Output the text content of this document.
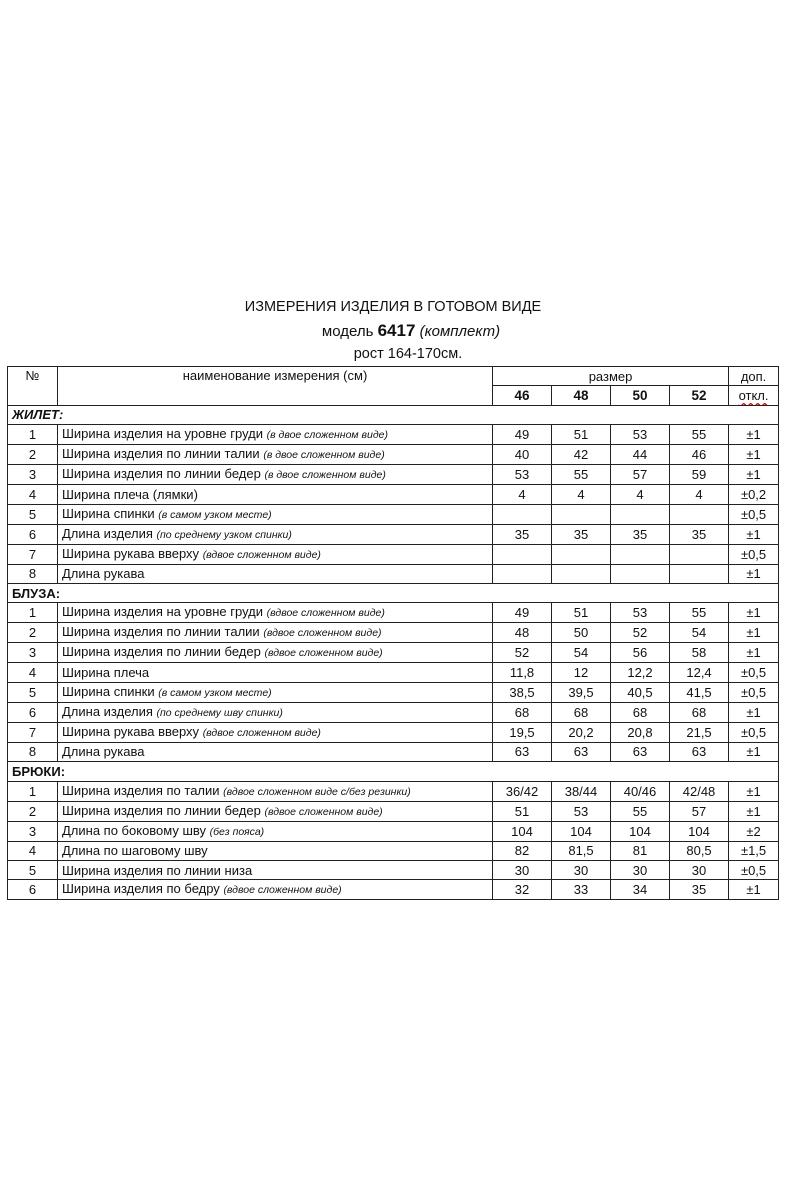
ИЗМЕРЕНИЯ ИЗДЕЛИЯ В ГОТОВОМ ВИДЕ
модель 6417 (комплект)
рост 164-170см.
№	наименование измерения (см)	размер				доп.
		46	48	50	52	откл.
ЖИЛЕТ:						
1	Ширина изделия на уровне груди (в двое сложенном виде)	49	51	53	55	±1
2	Ширина изделия по линии талии (в двое сложенном виде)	40	42	44	46	±1
3	Ширина изделия по линии бедер (в двое сложенном виде)	53	55	57	59	±1
4	Ширина плеча (лямки)	4	4	4	4	±0,2
5	Ширина спинки (в самом узком месте)					±0,5
6	Длина изделия (по среднему узком спинки)	35	35	35	35	±1
7	Ширина рукава вверху (вдвое сложенном виде)					±0,5
8	Длина рукава					±1
БЛУЗА:						
1	Ширина изделия на уровне груди (вдвое сложенном виде)	49	51	53	55	±1
2	Ширина изделия по линии талии (вдвое сложенном виде)	48	50	52	54	±1
3	Ширина изделия по линии бедер (вдвое сложенном виде)	52	54	56	58	±1
4	Ширина плеча	11,8	12	12,2	12,4	±0,5
5	Ширина спинки (в самом узком месте)	38,5	39,5	40,5	41,5	±0,5
6	Длина изделия (по среднему шву спинки)	68	68	68	68	±1
7	Ширина рукава вверху (вдвое сложенном виде)	19,5	20,2	20,8	21,5	±0,5
8	Длина рукава	63	63	63	63	±1
БРЮКИ:						
1	Ширина изделия по талии (вдвое сложенном виде с/без резинки)	36/42	38/44	40/46	42/48	±1
2	Ширина изделия по линии бедер (вдвое сложенном виде)	51	53	55	57	±1
3	Длина по боковому шву (без пояса)	104	104	104	104	±2
4	Длина по шаговому шву	82	81,5	81	80,5	±1,5
5	Ширина изделия по линии низа	30	30	30	30	±0,5
6	Ширина изделия по бедру (вдвое сложенном виде)	32	33	34	35	±1
